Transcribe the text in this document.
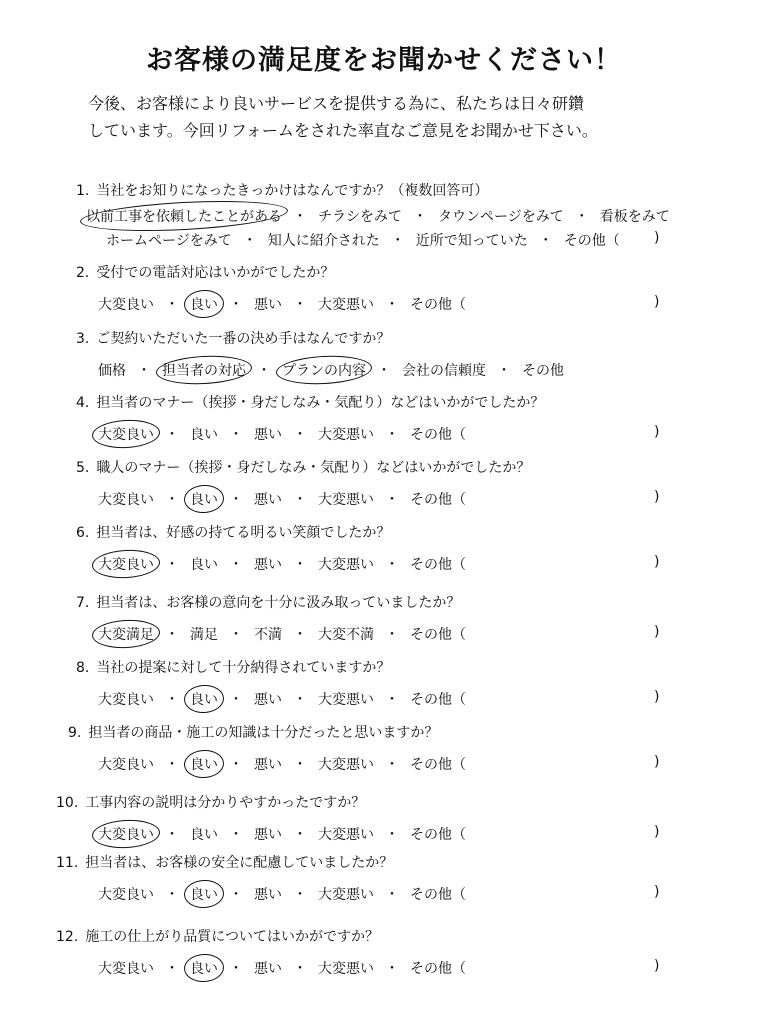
お客様の満足度をお聞かせください！
今後、お客様により良いサービスを提供する為に、私たちは日々研鑽
しています。今回リフォームをされた率直なご意見をお聞かせ下さい。
1. 当社をお知りになったきっかけはなんですか？（複数回答可）
以前工事を依頼したことがある ・ チラシをみて ・ タウンページをみて ・ 看板をみて
ホームページをみて ・ 知人に紹介された ・ 近所で知っていた ・ その他（ )
2. 受付での電話対応はいかがでしたか？
大変良い ・ 良い ・ 悪い ・ 大変悪い ・ その他（	)
3. ご契約いただいた一番の決め手はなんですか？
価格 ・ 担当者の対応 ・ プランの内容 ・ 会社の信頼度 ・ その他
4. 担当者のマナー（挨拶・身だしなみ・気配り）などはいかがでしたか？
大変良い ・ 良い ・ 悪い ・ 大変悪い ・ その他（	)
5. 職人のマナー（挨拶・身だしなみ・気配り）などはいかがでしたか？
大変良い ・ 良い ・ 悪い ・ 大変悪い ・ その他（	)
6. 担当者は、好感の持てる明るい笑顔でしたか？
大変良い ・ 良い ・ 悪い ・ 大変悪い ・ その他（	)
7. 担当者は、お客様の意向を十分に汲み取っていましたか？
大変満足 ・ 満足 ・ 不満 ・ 大変不満 ・ その他（	)
8. 当社の提案に対して十分納得されていますか？
大変良い ・ 良い ・ 悪い ・ 大変悪い ・ その他（	)
9. 担当者の商品・施工の知識は十分だったと思いますか？
大変良い ・ 良い ・ 悪い ・ 大変悪い ・ その他（	)
10. 工事内容の説明は分かりやすかったですか？
大変良い ・ 良い ・ 悪い ・ 大変悪い ・ その他（	)
11. 担当者は、お客様の安全に配慮していましたか？
大変良い ・ 良い ・ 悪い ・ 大変悪い ・ その他（	)
12. 施工の仕上がり品質についてはいかがですか？
大変良い ・ 良い ・ 悪い ・ 大変悪い ・ その他（	)
